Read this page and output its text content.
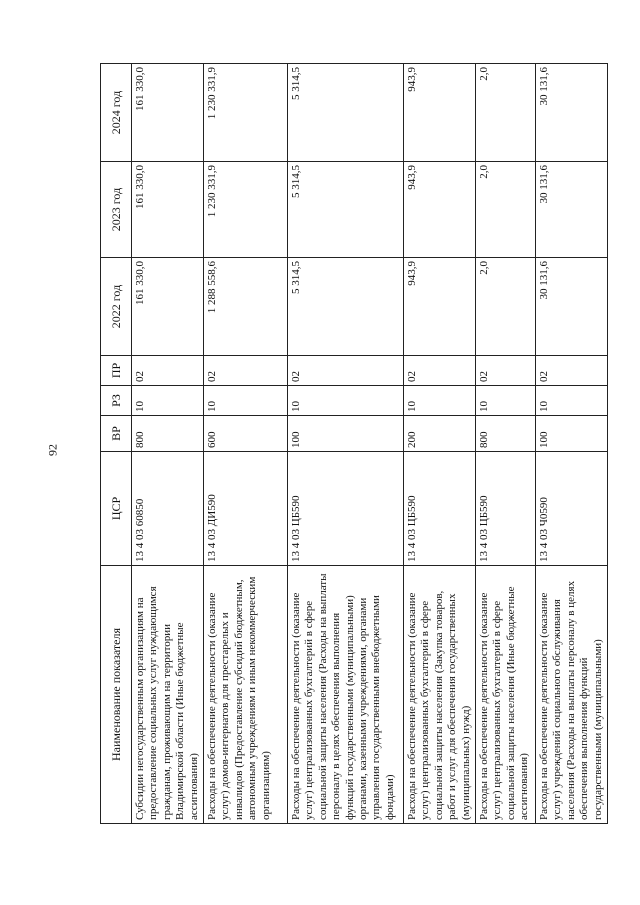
92
Наименование показателя	ЦСР	ВР	РЗ	ПР	2022 год	2023 год	2024 год
Субсидии негосударственным организациям на предоставление социальных услуг нуждающимся гражданам, проживающим на территории Владимирской области (Иные бюджетные ассигнования)	13 4 03 60850	800	10	02	161 330,0	161 330,0	161 330,0
Расходы на обеспечение деятельности (оказание услуг) домов-интернатов для престарелых и инвалидов (Предоставление субсидий бюджетным, автономным учреждениям и иным некоммерческим организациям)	13 4 03 ДИ590	600	10	02	1 288 558,6	1 230 331,9	1 230 331,9
Расходы на обеспечение деятельности (оказание услуг) централизованных бухгалтерий в сфере социальной защиты населения (Расходы на выплаты персоналу в целях обеспечения выполнения функций государственными (муниципальными) органами, казенными учреждениями, органами управления государственными внебюджетными фондами)	13 4 03 ЦБ590	100	10	02	5 314,5	5 314,5	5 314,5
Расходы на обеспечение деятельности (оказание услуг) централизованных бухгалтерий в сфере социальной защиты населения (Закупка товаров, работ и услуг для обеспечения государственных (муниципальных) нужд)	13 4 03 ЦБ590	200	10	02	943,9	943,9	943,9
Расходы на обеспечение деятельности (оказание услуг) централизованных бухгалтерий в сфере социальной защиты населения (Иные бюджетные ассигнования)	13 4 03 ЦБ590	800	10	02	2,0	2,0	2,0
Расходы на обеспечение деятельности (оказание услуг) учреждений социального обслуживания населения (Расходы на выплаты персоналу в целях обеспечения выполнения функций государственными (муниципальными)	13 4 03 Ч0590	100	10	02	30 131,6	30 131,6	30 131,6
